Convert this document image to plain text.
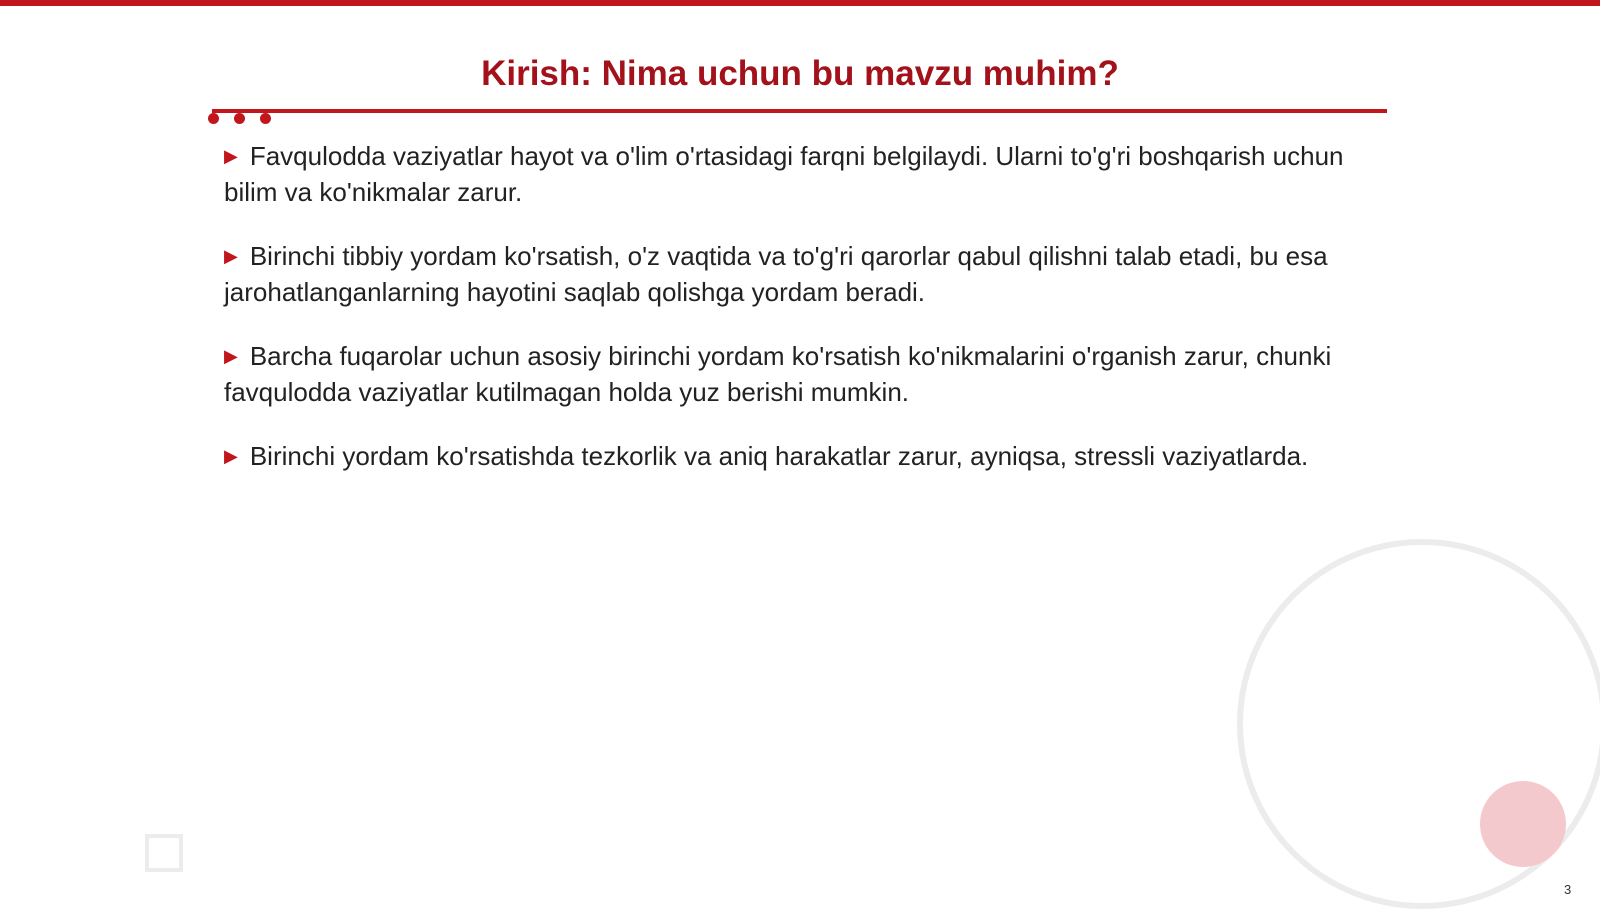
Kirish: Nima uchun bu mavzu muhim?

▶ Favqulodda vaziyatlar hayot va o'lim o'rtasidagi farqni belgilaydi. Ularni to'g'ri boshqarish uchun bilim va ko'nikmalar zarur.

▶ Birinchi tibbiy yordam ko'rsatish, o'z vaqtida va to'g'ri qarorlar qabul qilishni talab etadi, bu esa jarohatlanganlarning hayotini saqlab qolishga yordam beradi.

▶ Barcha fuqarolar uchun asosiy birinchi yordam ko'rsatish ko'nikmalarini o'rganish zarur, chunki favqulodda vaziyatlar kutilmagan holda yuz berishi mumkin.

▶ Birinchi yordam ko'rsatishda tezkorlik va aniq harakatlar zarur, ayniqsa, stressli vaziyatlarda.

3
